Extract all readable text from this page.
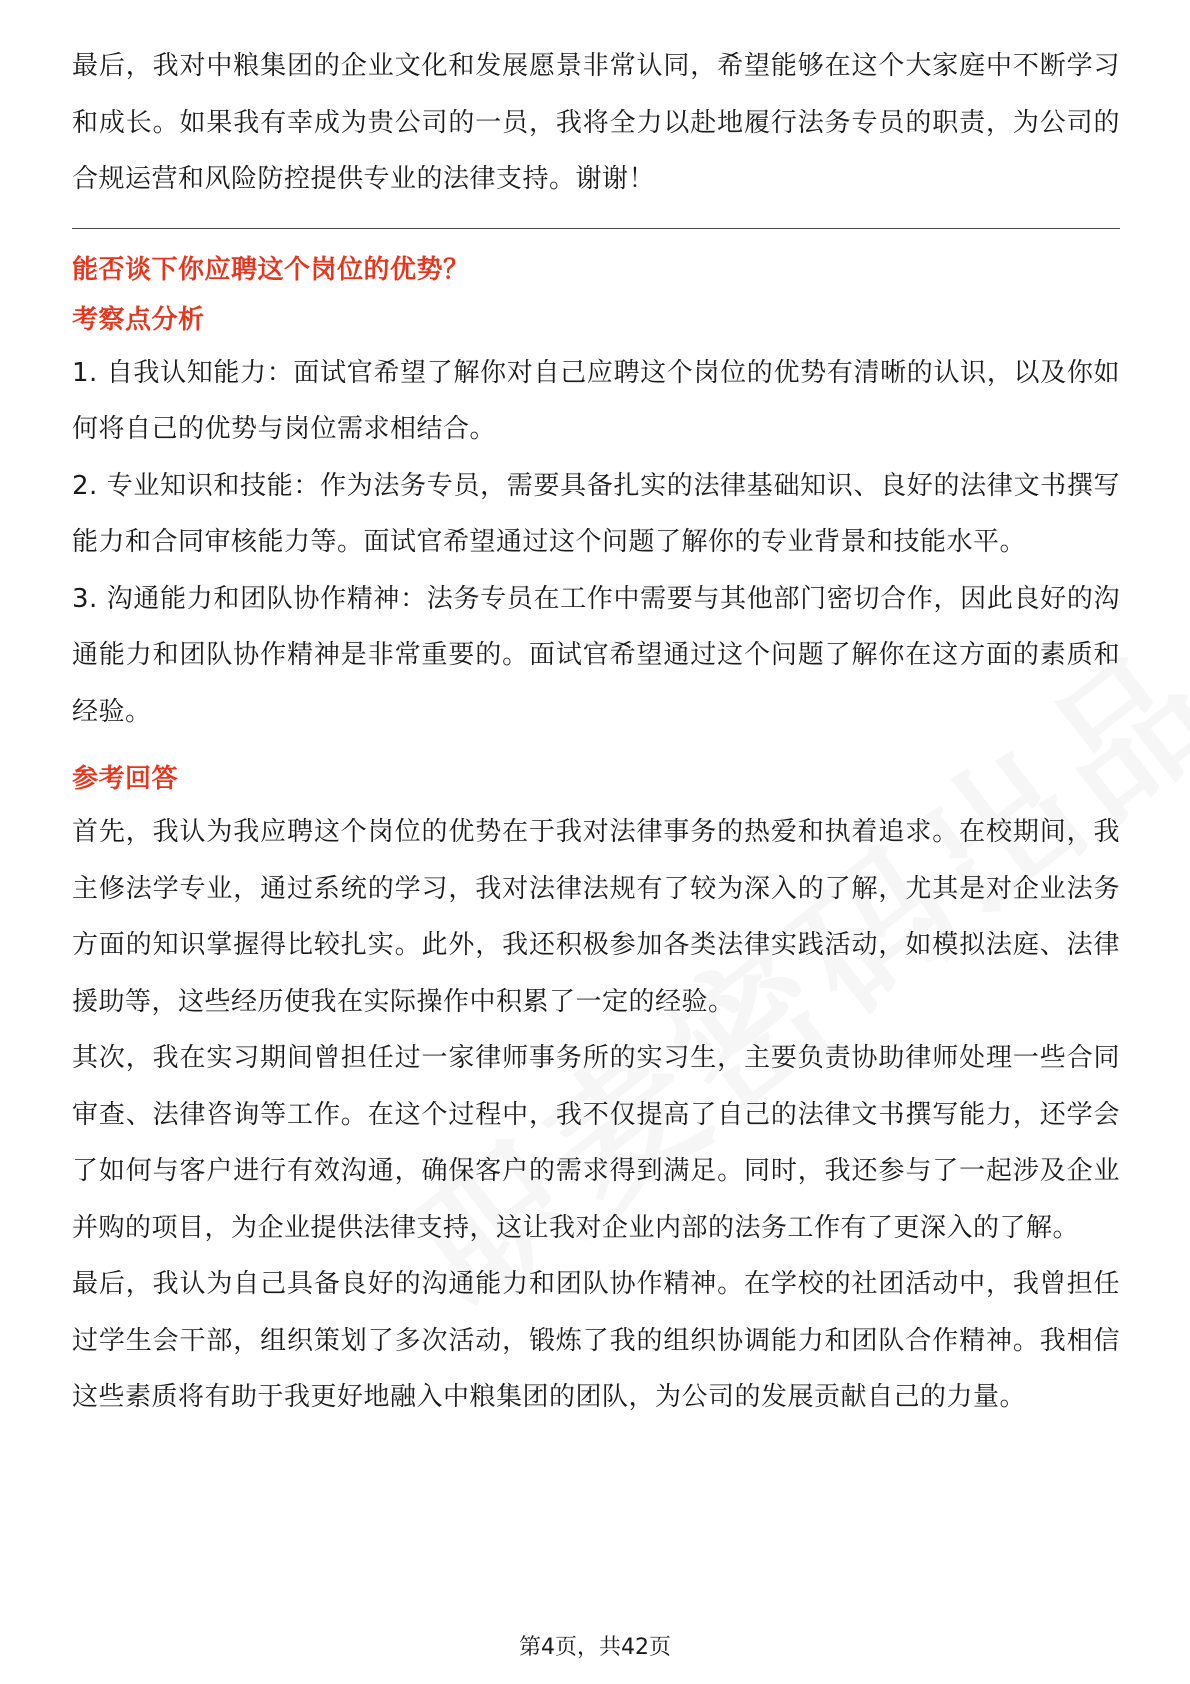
最后，我对中粮集团的企业文化和发展愿景非常认同，希望能够在这个大家庭中不断学习和成长。如果我有幸成为贵公司的一员，我将全力以赴地履行法务专员的职责，为公司的合规运营和风险防控提供专业的法律支持。谢谢！

能否谈下你应聘这个岗位的优势？

考察点分析

1. 自我认知能力：面试官希望了解你对自己应聘这个岗位的优势有清晰的认识，以及你如何将自己的优势与岗位需求相结合。

2. 专业知识和技能：作为法务专员，需要具备扎实的法律基础知识、良好的法律文书撰写能力和合同审核能力等。面试官希望通过这个问题了解你的专业背景和技能水平。

3. 沟通能力和团队协作精神：法务专员在工作中需要与其他部门密切合作，因此良好的沟通能力和团队协作精神是非常重要的。面试官希望通过这个问题了解你在这方面的素质和经验。

参考回答

首先，我认为我应聘这个岗位的优势在于我对法律事务的热爱和执着追求。在校期间，我主修法学专业，通过系统的学习，我对法律法规有了较为深入的了解，尤其是对企业法务方面的知识掌握得比较扎实。此外，我还积极参加各类法律实践活动，如模拟法庭、法律援助等，这些经历使我在实际操作中积累了一定的经验。

其次，我在实习期间曾担任过一家律师事务所的实习生，主要负责协助律师处理一些合同审查、法律咨询等工作。在这个过程中，我不仅提高了自己的法律文书撰写能力，还学会了如何与客户进行有效沟通，确保客户的需求得到满足。同时，我还参与了一起涉及企业并购的项目，为企业提供法律支持，这让我对企业内部的法务工作有了更深入的了解。

最后，我认为自己具备良好的沟通能力和团队协作精神。在学校的社团活动中，我曾担任过学生会干部，组织策划了多次活动，锻炼了我的组织协调能力和团队合作精神。我相信这些素质将有助于我更好地融入中粮集团的团队，为公司的发展贡献自己的力量。

第4页，共42页
